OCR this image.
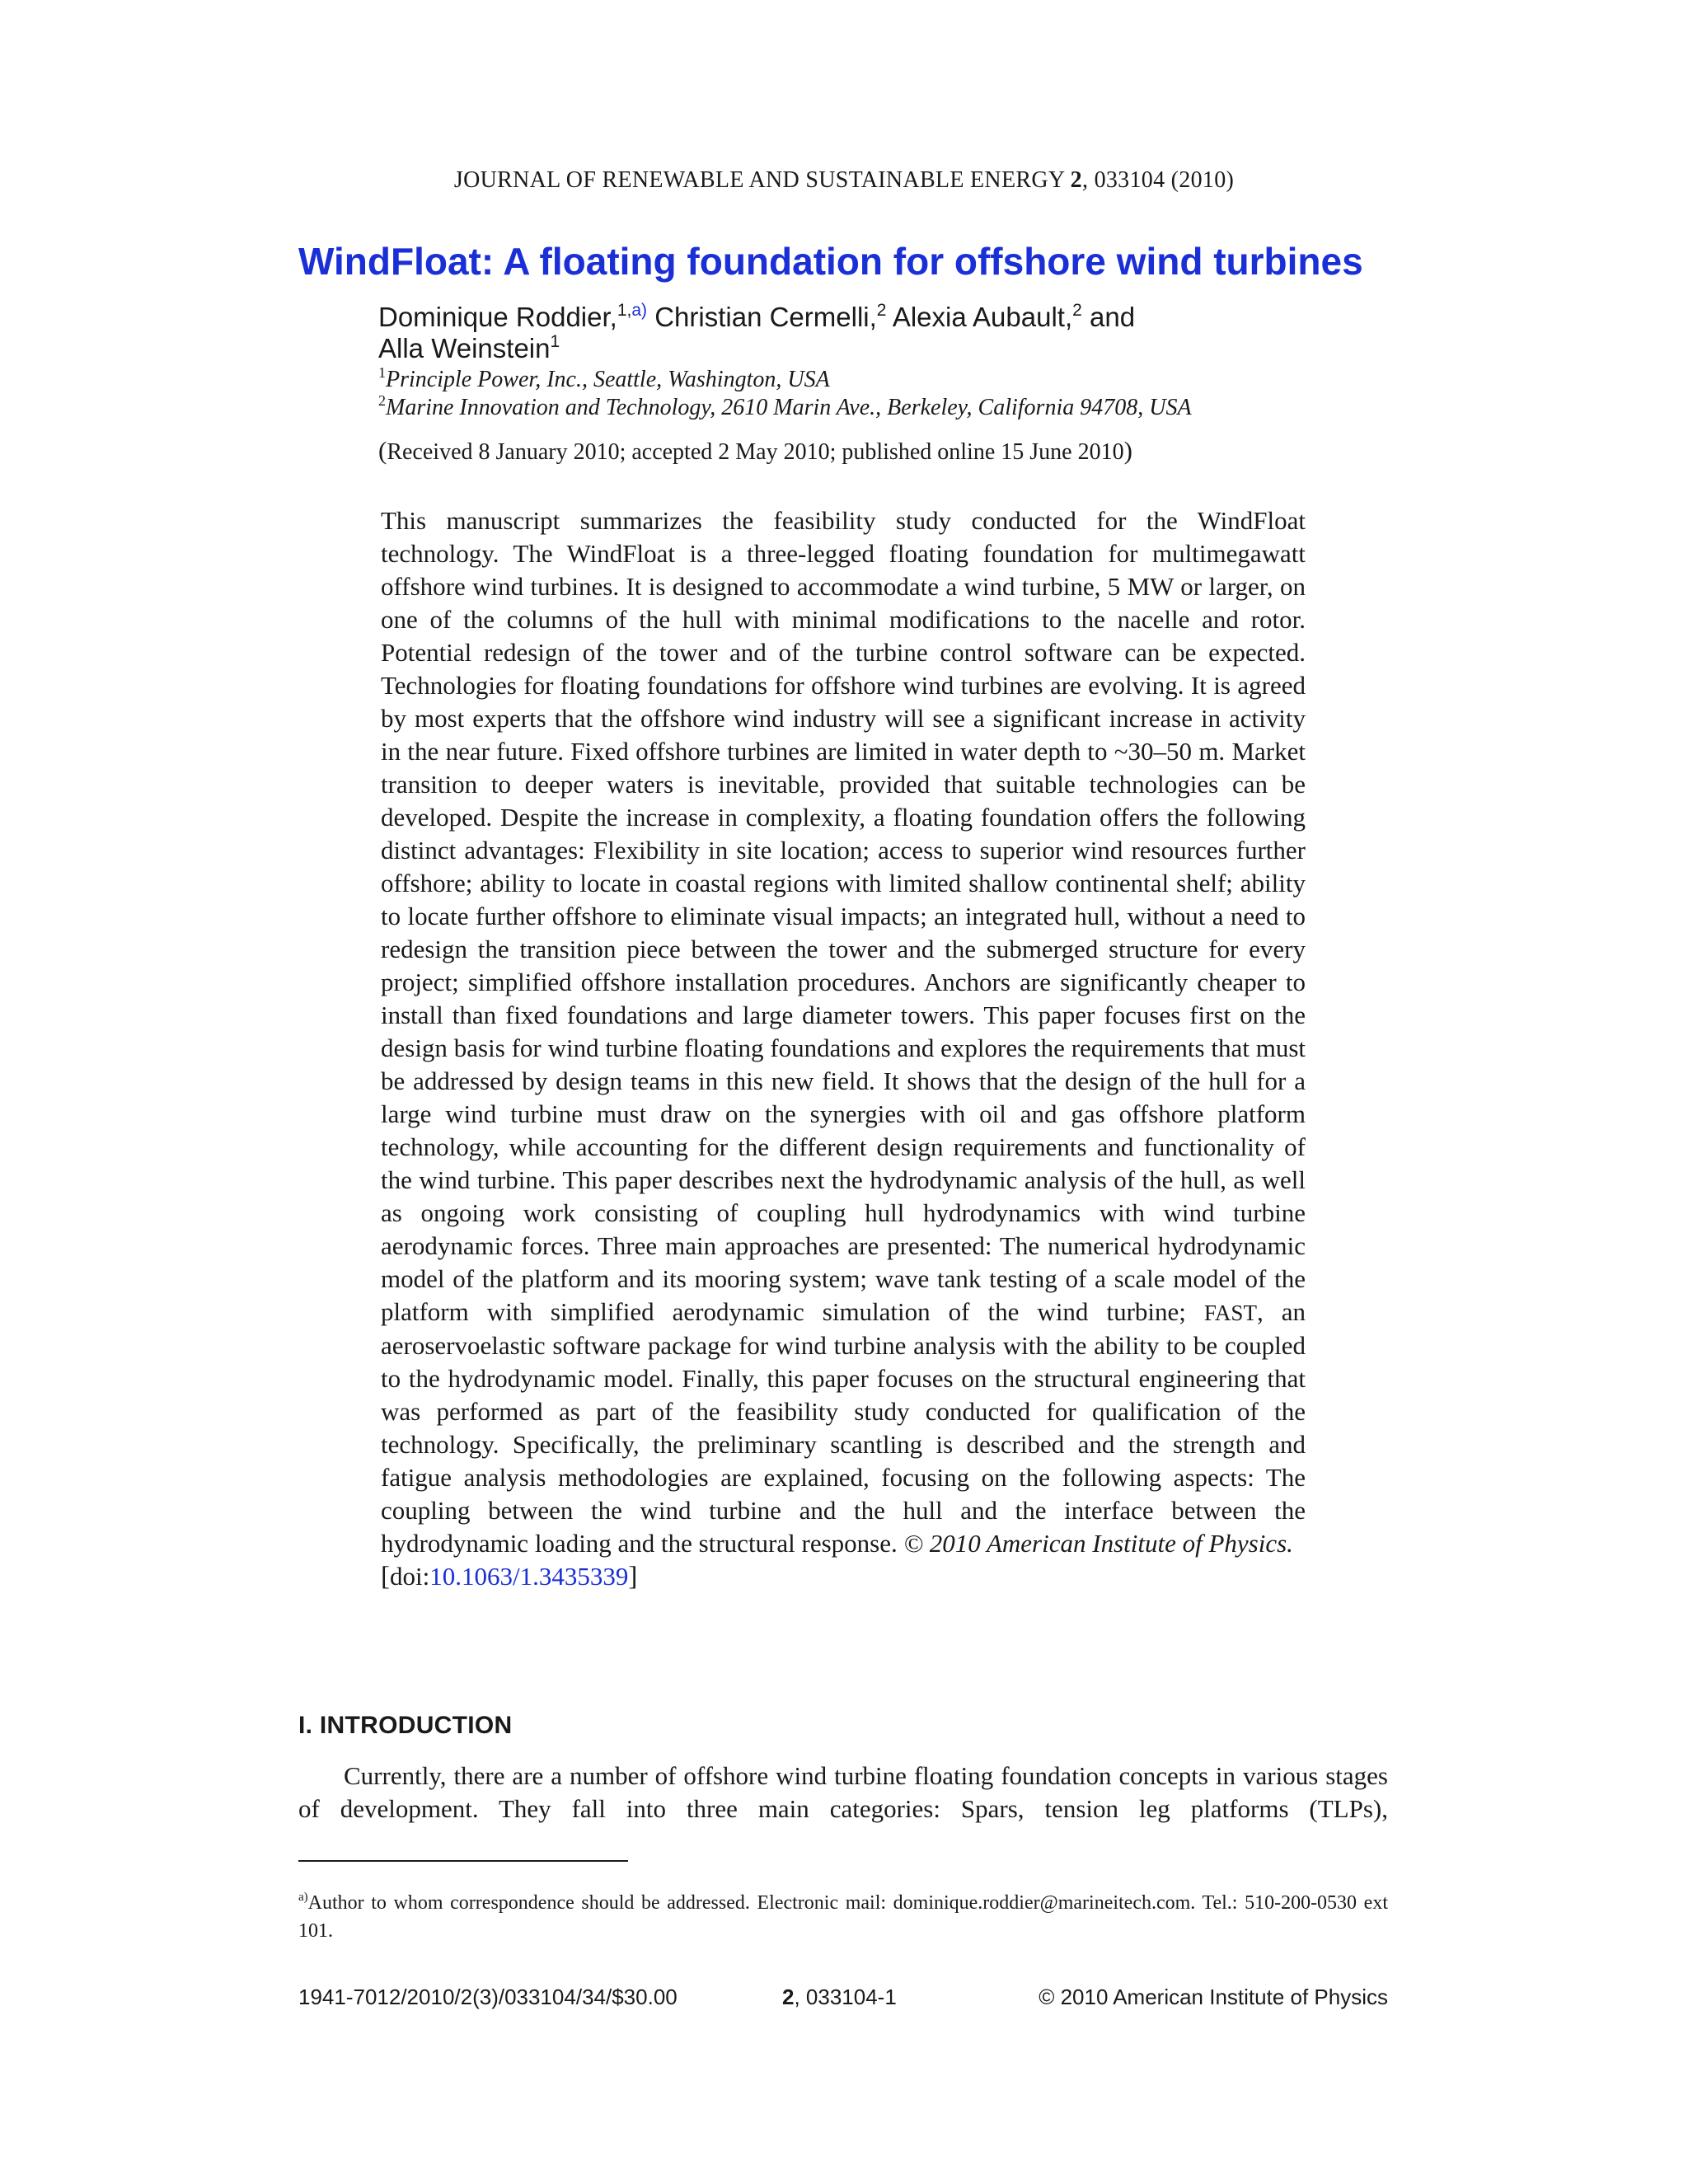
JOURNAL OF RENEWABLE AND SUSTAINABLE ENERGY 2, 033104 (2010)
WindFloat: A floating foundation for offshore wind turbines
Dominique Roddier,$^{1,a)}$ Christian Cermelli,$^2$ Alexia Aubault,$^2$ and
Alla Weinstein$^1$
$^1$Principle Power, Inc., Seattle, Washington, USA
$^2$Marine Innovation and Technology, 2610 Marin Ave., Berkeley, California 94708, USA
(Received 8 January 2010; accepted 2 May 2010; published online 15 June 2010)

This manuscript summarizes the feasibility study conducted for the WindFloat technology. The WindFloat is a three-legged floating foundation for multimegawatt offshore wind turbines. It is designed to accommodate a wind turbine, 5 MW or larger, on one of the columns of the hull with minimal modifications to the nacelle and rotor. Potential redesign of the tower and of the turbine control software can be expected. Technologies for floating foundations for offshore wind turbines are evolving. It is agreed by most experts that the offshore wind industry will see a significant increase in activity in the near future. Fixed offshore turbines are limited in water depth to ~30–50 m. Market transition to deeper waters is inevitable, provided that suitable technologies can be developed. Despite the increase in complexity, a floating foundation offers the following distinct advantages: Flexibility in site location; access to superior wind resources further offshore; ability to locate in coastal regions with limited shallow continental shelf; ability to locate further offshore to eliminate visual impacts; an integrated hull, without a need to redesign the transition piece between the tower and the submerged structure for every project; simplified offshore installation procedures. Anchors are significantly cheaper to install than fixed foundations and large diameter towers. This paper focuses first on the design basis for wind turbine floating foundations and explores the requirements that must be addressed by design teams in this new field. It shows that the design of the hull for a large wind turbine must draw on the synergies with oil and gas offshore platform technology, while accounting for the different design requirements and functionality of the wind turbine. This paper describes next the hydrodynamic analysis of the hull, as well as ongoing work consisting of coupling hull hydrodynamics with wind turbine aerodynamic forces. Three main approaches are presented: The numerical hydrodynamic model of the platform and its mooring system; wave tank testing of a scale model of the platform with simplified aerodynamic simulation of the wind turbine; FAST, an aeroservoelastic software package for wind turbine analysis with the ability to be coupled to the hydrodynamic model. Finally, this paper focuses on the structural engineering that was performed as part of the feasibility study conducted for qualification of the technology. Specifically, the preliminary scantling is described and the strength and fatigue analysis methodologies are explained, focusing on the following aspects: The coupling between the wind turbine and the hull and the interface between the hydrodynamic loading and the structural response. © 2010 American Institute of Physics.

[doi:10.1063/1.3435339]

I. INTRODUCTION

Currently, there are a number of offshore wind turbine floating foundation concepts in various stages of development. They fall into three main categories: Spars, tension leg platforms (TLPs),

$^{a)}$Author to whom correspondence should be addressed. Electronic mail: dominique.roddier@marineitech.com. Tel.: 510-200-0530 ext 101.

1941-7012/2010/2(3)/033104/34/$30.00	2, 033104-1	© 2010 American Institute of Physics
